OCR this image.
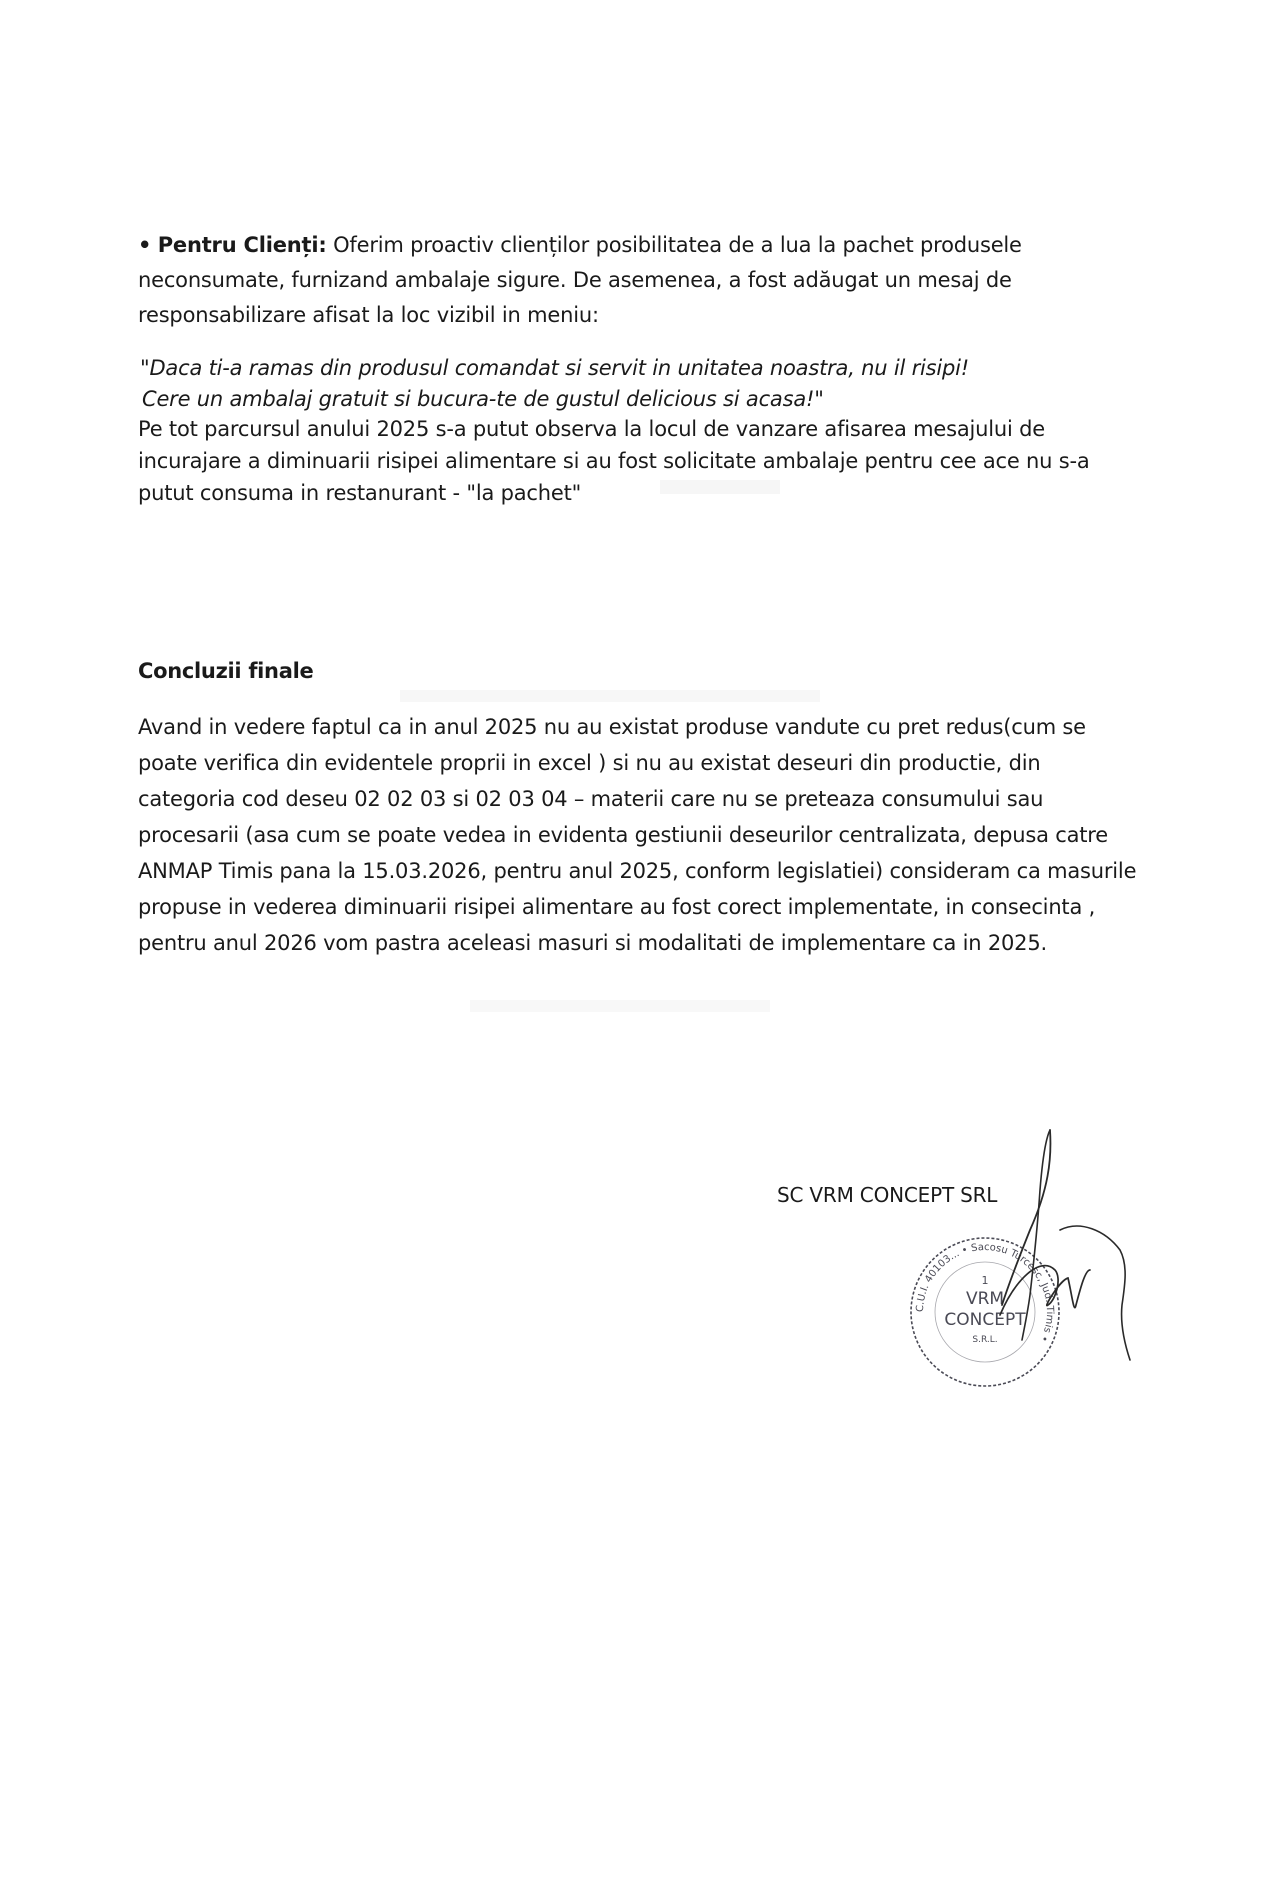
• Pentru Clienți: Oferim proactiv clienților posibilitatea de a lua la pachet produsele
neconsumate, furnizand ambalaje sigure. De asemenea, a fost adăugat un mesaj de
responsabilizare afisat la loc vizibil in meniu:
"Daca ti-a ramas din produsul comandat si servit in unitatea noastra, nu il risipi!
Cere un ambalaj gratuit si bucura-te de gustul delicious si acasa!"
Pe tot parcursul anului 2025 s-a putut observa la locul de vanzare afisarea mesajului de
incurajare a diminuarii risipei alimentare si au fost solicitate ambalaje pentru cee ace nu s-a
putut consuma in restanurant - "la pachet"
Concluzii finale
Avand in vedere faptul ca in anul 2025 nu au existat produse vandute cu pret redus(cum se
poate verifica din evidentele proprii in excel ) si nu au existat deseuri din productie, din
categoria cod deseu 02 02 03 si 02 03 04 – materii care nu se preteaza consumului sau
procesarii (asa cum se poate vedea in evidenta gestiunii deseurilor centralizata, depusa catre
ANMAP Timis pana la 15.03.2026, pentru anul 2025, conform legislatiei) consideram ca masurile
propuse in vederea diminuarii risipei alimentare au fost corect implementate, in consecinta ,
pentru anul 2026 vom pastra aceleasi masuri si modalitati de implementare ca in 2025.
SC VRM CONCEPT SRL
C.U.I. 40103... • Sacosu Turcesc, Jud. Timis •
1
VRM
CONCEPT
S.R.L.
